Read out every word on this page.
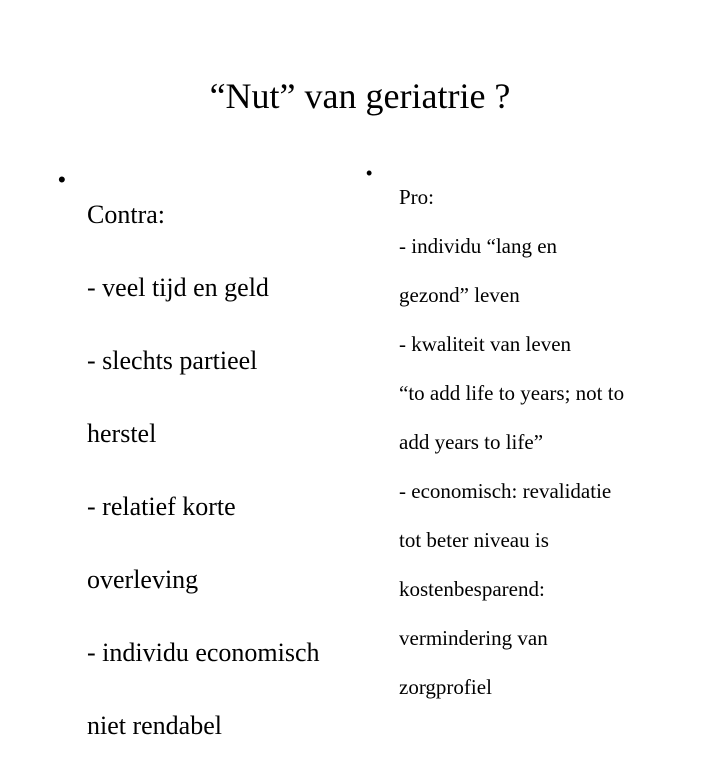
“Nut” van geriatrie ?
•

Contra:

- veel tijd en geld

- slechts partieel

herstel

- relatief korte

overleving

- individu economisch

niet rendabel

•

Pro:

- individu “lang en

gezond” leven

- kwaliteit van leven

“to add life to years; not to

add years to life”

- economisch: revalidatie

tot beter niveau is

kostenbesparend:

vermindering van

zorgprofiel
